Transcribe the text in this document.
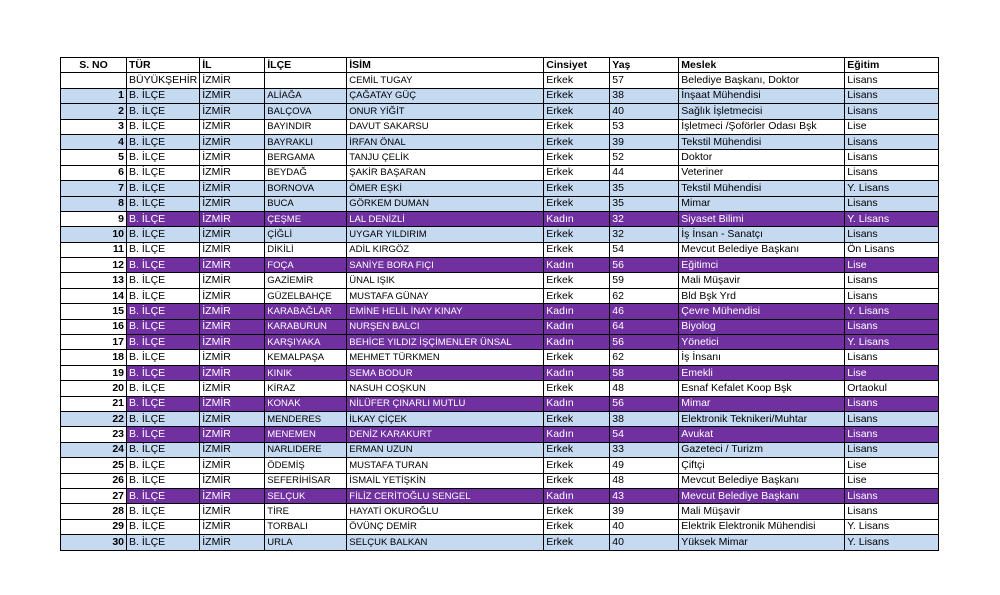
S. NO	TÜR	İL	İLÇE	İSİM	Cinsiyet	Yaş	Meslek	Eğitim
	BÜYÜKŞEHİR	İZMİR		CEMİL TUGAY	Erkek	57	Belediye Başkanı, Doktor	Lisans
1	B. İLÇE	İZMİR	ALİAĞA	ÇAĞATAY GÜÇ	Erkek	38	İnşaat Mühendisi	Lisans
2	B. İLÇE	İZMİR	BALÇOVA	ONUR YİĞİT	Erkek	40	Sağlık İşletmecisi	Lisans
3	B. İLÇE	İZMİR	BAYINDIR	DAVUT SAKARSU	Erkek	53	İşletmeci /Şoförler Odası Bşk	Lise
4	B. İLÇE	İZMİR	BAYRAKLI	İRFAN ÖNAL	Erkek	39	Tekstil Mühendisi	Lisans
5	B. İLÇE	İZMİR	BERGAMA	TANJU ÇELİK	Erkek	52	Doktor	Lisans
6	B. İLÇE	İZMİR	BEYDAĞ	ŞAKİR BAŞARAN	Erkek	44	Veteriner	Lisans
7	B. İLÇE	İZMİR	BORNOVA	ÖMER EŞKİ	Erkek	35	Tekstil Mühendisi	Y. Lisans
8	B. İLÇE	İZMİR	BUCA	GÖRKEM DUMAN	Erkek	35	Mimar	Lisans
9	B. İLÇE	İZMİR	ÇEŞME	LAL DENİZLİ	Kadın	32	Siyaset Bilimi	Y. Lisans
10	B. İLÇE	İZMİR	ÇİĞLİ	UYGAR YILDIRIM	Erkek	32	İş İnsan - Sanatçı	Lisans
11	B. İLÇE	İZMİR	DİKİLİ	ADİL KIRGÖZ	Erkek	54	Mevcut Belediye Başkanı	Ön Lisans
12	B. İLÇE	İZMİR	FOÇA	SANİYE BORA FIÇI	Kadın	56	Eğitimci	Lise
13	B. İLÇE	İZMİR	GAZİEMİR	ÜNAL IŞIK	Erkek	59	Mali Müşavir	Lisans
14	B. İLÇE	İZMİR	GÜZELBAHÇE	MUSTAFA GÜNAY	Erkek	62	Bld Bşk Yrd	Lisans
15	B. İLÇE	İZMİR	KARABAĞLAR	EMİNE HELİL İNAY KINAY	Kadın	46	Çevre Mühendisi	Y. Lisans
16	B. İLÇE	İZMİR	KARABURUN	NURŞEN BALCI	Kadın	64	Biyolog	Lisans
17	B. İLÇE	İZMİR	KARŞIYAKA	BEHİCE YILDIZ İŞÇİMENLER ÜNSAL	Kadın	56	Yönetici	Y. Lisans
18	B. İLÇE	İZMİR	KEMALPAŞA	MEHMET TÜRKMEN	Erkek	62	İş İnsanı	Lisans
19	B. İLÇE	İZMİR	KINIK	SEMA BODUR	Kadın	58	Emekli	Lise
20	B. İLÇE	İZMİR	KİRAZ	NASUH COŞKUN	Erkek	48	Esnaf Kefalet Koop Bşk	Ortaokul
21	B. İLÇE	İZMİR	KONAK	NİLÜFER ÇINARLI MUTLU	Kadın	56	Mimar	Lisans
22	B. İLÇE	İZMİR	MENDERES	İLKAY ÇİÇEK	Erkek	38	Elektronik Teknikeri/Muhtar	Lisans
23	B. İLÇE	İZMİR	MENEMEN	DENİZ KARAKURT	Kadın	54	Avukat	Lisans
24	B. İLÇE	İZMİR	NARLIDERE	ERMAN UZUN	Erkek	33	Gazeteci / Turizm	Lisans
25	B. İLÇE	İZMİR	ÖDEMİŞ	MUSTAFA TURAN	Erkek	49	Çiftçi	Lise
26	B. İLÇE	İZMİR	SEFERİHİSAR	İSMAİL YETİŞKİN	Erkek	48	Mevcut Belediye Başkanı	Lise
27	B. İLÇE	İZMİR	SELÇUK	FİLİZ CERİTOĞLU SENGEL	Kadın	43	Mevcut Belediye Başkanı	Lisans
28	B. İLÇE	İZMİR	TİRE	HAYATİ OKUROĞLU	Erkek	39	Mali Müşavir	Lisans
29	B. İLÇE	İZMİR	TORBALI	ÖVÜNÇ DEMİR	Erkek	40	Elektrik Elektronik Mühendisi	Y. Lisans
30	B. İLÇE	İZMİR	URLA	SELÇUK BALKAN	Erkek	40	Yüksek Mimar	Y. Lisans
